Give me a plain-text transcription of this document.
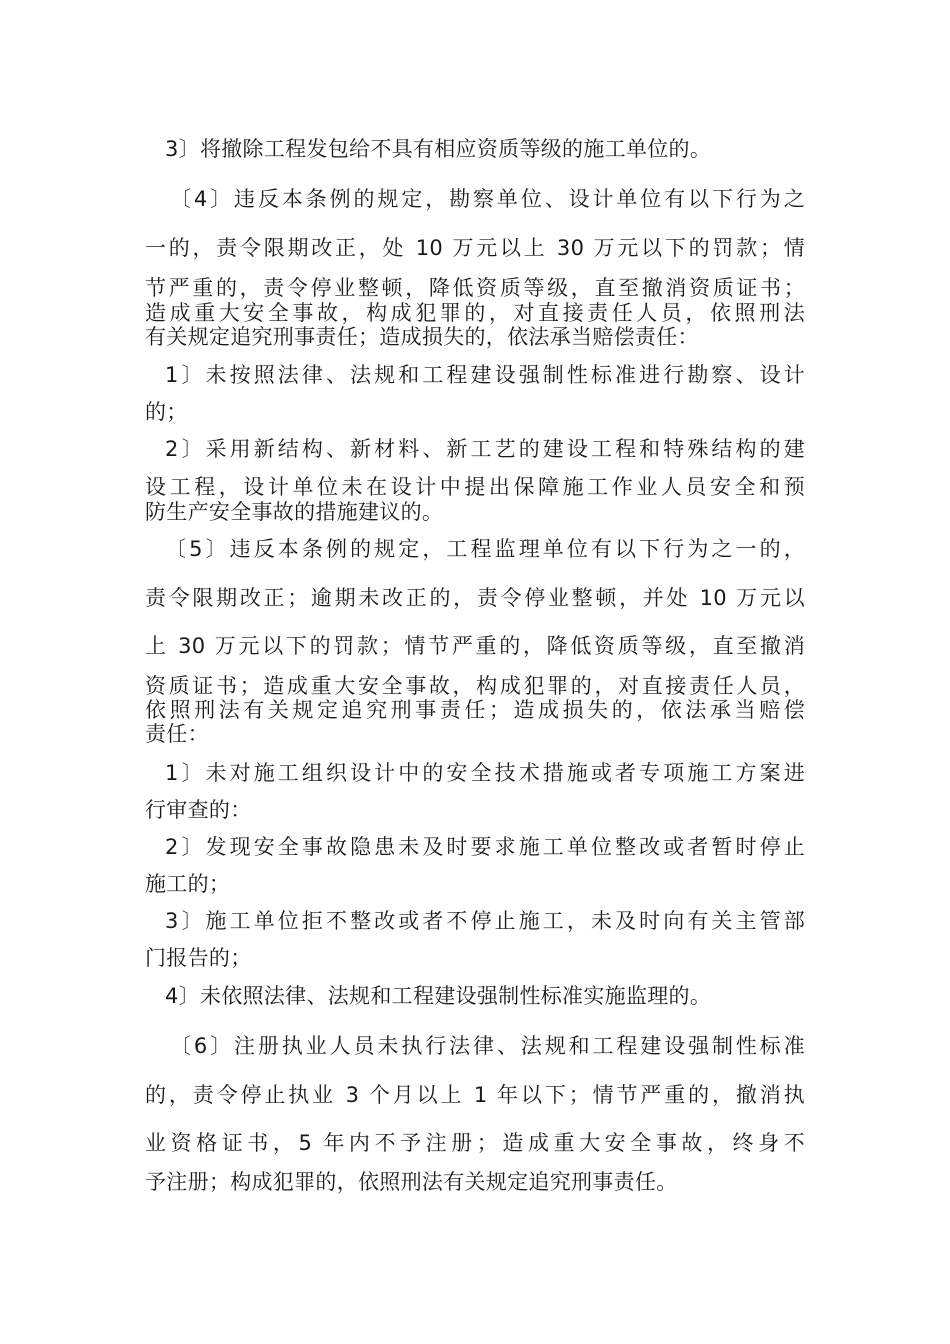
3〕将撤除工程发包给不具有相应资质等级的施工单位的。
〔4〕违反本条例的规定，勘察单位、设计单位有以下行为之
一的，责令限期改正，处 10 万元以上 30 万元以下的罚款；情
节严重的，责令停业整顿，降低资质等级，直至撤消资质证书；
造成重大安全事故，构成犯罪的，对直接责任人员，依照刑法
有关规定追究刑事责任；造成损失的，依法承当赔偿责任：
1〕未按照法律、法规和工程建设强制性标准进行勘察、设计
的；
2〕采用新结构、新材料、新工艺的建设工程和特殊结构的建
设工程，设计单位未在设计中提出保障施工作业人员安全和预
防生产安全事故的措施建议的。
〔5〕违反本条例的规定，工程监理单位有以下行为之一的，
责令限期改正；逾期未改正的，责令停业整顿，并处 10 万元以
上 30 万元以下的罚款；情节严重的，降低资质等级，直至撤消
资质证书；造成重大安全事故，构成犯罪的，对直接责任人员，
依照刑法有关规定追究刑事责任；造成损失的，依法承当赔偿
责任：
1〕未对施工组织设计中的安全技术措施或者专项施工方案进
行审查的：
2〕发现安全事故隐患未及时要求施工单位整改或者暂时停止
施工的；
3〕施工单位拒不整改或者不停止施工，未及时向有关主管部
门报告的；
4〕未依照法律、法规和工程建设强制性标准实施监理的。
〔6〕注册执业人员未执行法律、法规和工程建设强制性标准
的，责令停止执业 3 个月以上 1 年以下；情节严重的，撤消执
业资格证书，5 年内不予注册；造成重大安全事故，终身不
予注册；构成犯罪的，依照刑法有关规定追究刑事责任。
